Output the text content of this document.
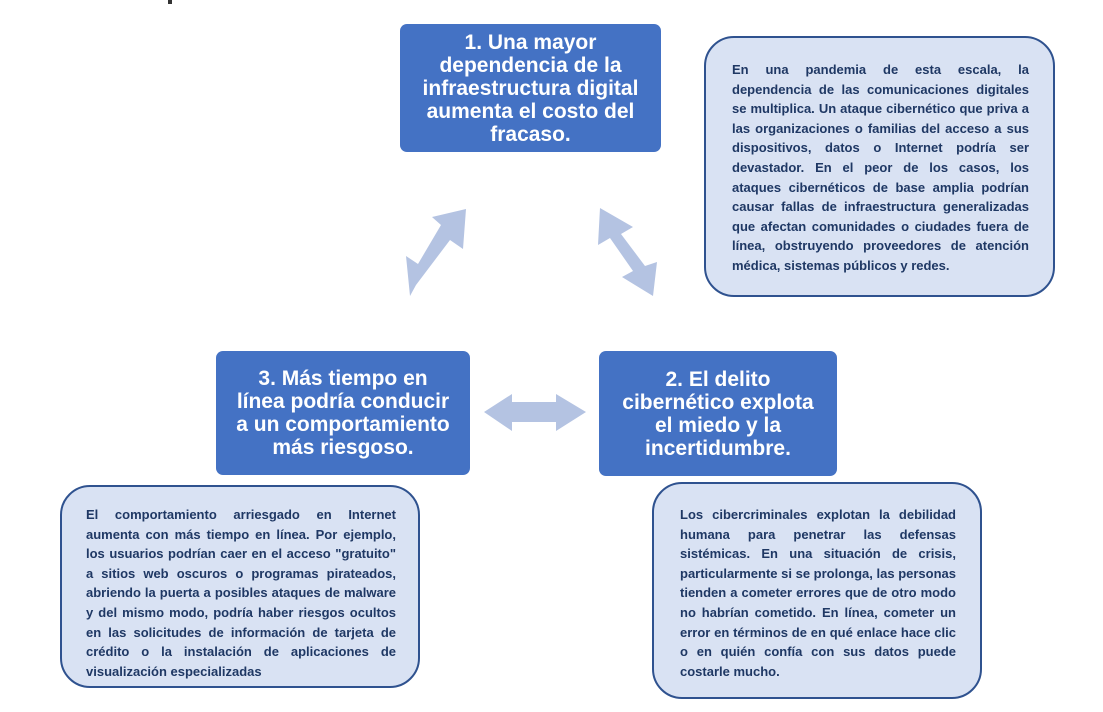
1. Una mayor
dependencia de la
infraestructura digital
aumenta el costo del
fracaso.
2. El delito
cibernético explota
el miedo y la
incertidumbre.
3. Más tiempo en
línea podría conducir
a un comportamiento
más riesgoso.

En una pandemia de esta escala, la dependencia de las comunicaciones digitales se multiplica. Un ataque cibernético que priva a las organizaciones o familias del acceso a sus dispositivos, datos o Internet podría ser devastador. En el peor de los casos, los ataques cibernéticos de base amplia podrían causar fallas de infraestructura generalizadas que afectan comunidades o ciudades fuera de línea, obstruyendo proveedores de atención médica, sistemas públicos y redes.

Los cibercriminales explotan la debilidad humana para penetrar las defensas sistémicas. En una situación de crisis, particularmente si se prolonga, las personas tienden a cometer errores que de otro modo no habrían cometido. En línea, cometer un error en términos de en qué enlace hace clic o en quién confía con sus datos puede costarle mucho.

El comportamiento arriesgado en Internet aumenta con más tiempo en línea. Por ejemplo, los usuarios podrían caer en el acceso "gratuito" a sitios web oscuros o programas pirateados, abriendo la puerta a posibles ataques de malware y del mismo modo, podría haber riesgos ocultos en las solicitudes de información de tarjeta de crédito o la instalación de aplicaciones de visualización especializadas
